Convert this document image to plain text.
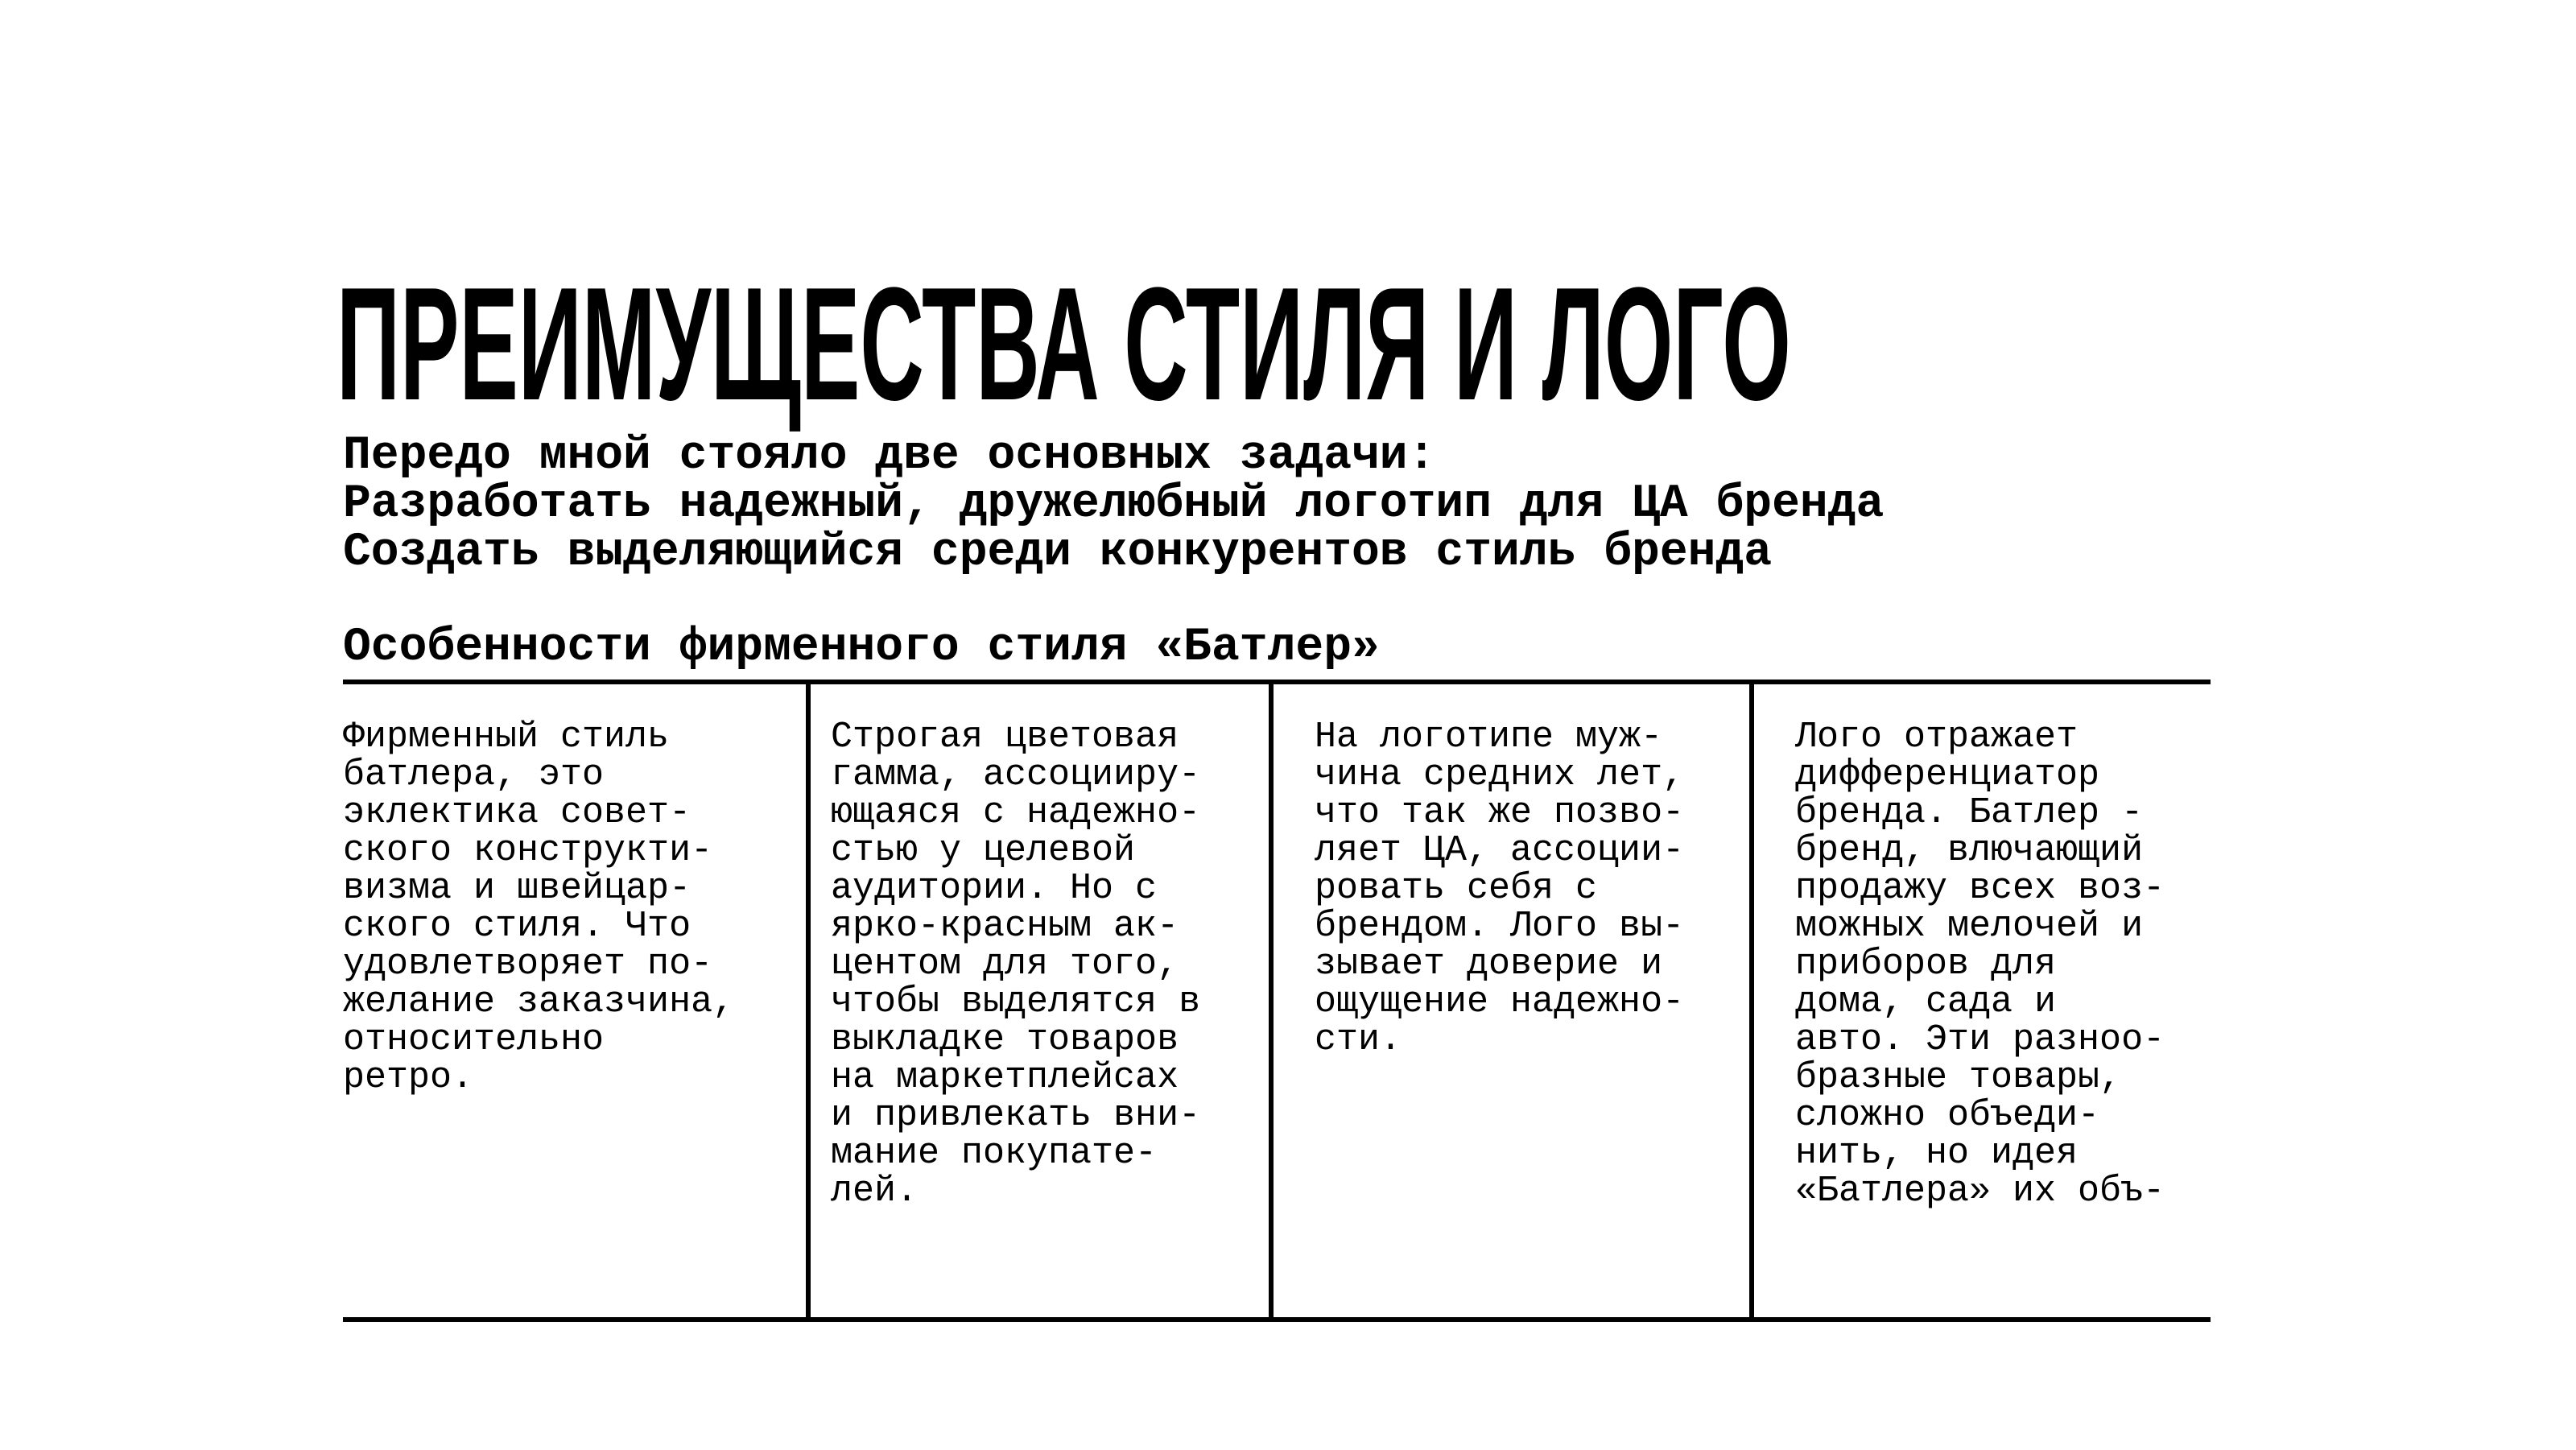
ПРЕИМУЩЕСТВА СТИЛЯ И ЛОГО
Передо мной стояло две основных задачи:
Разработать надежный, дружелюбный логотип для ЦА бренда
Создать выделяющийся среди конкурентов стиль бренда
Особенности фирменного стиля «Батлер»
Фирменный стиль
батлера, это
эклектика совет-
ского конструкти-
визма и швейцар-
ского стиля. Что
удовлетворяет по-
желание заказчина,
относительно
ретро.
Строгая цветовая
гамма, ассоцииру-
ющаяся с надежно-
стью у целевой
аудитории. Но с
ярко-красным ак-
центом для того,
чтобы выделятся в
выкладке товаров
на маркетплейсах
и привлекать вни-
мание покупате-
лей.
На логотипе муж-
чина средних лет,
что так же позво-
ляет ЦА, ассоции-
ровать себя с
брендом. Лого вы-
зывает доверие и
ощущение надежно-
сти.
Лого отражает
дифференциатор
бренда. Батлер -
бренд, влючающий
продажу всех воз-
можных мелочей и
приборов для
дома, сада и
авто. Эти разноо-
бразные товары,
сложно объеди-
нить, но идея
«Батлера» их объ-
